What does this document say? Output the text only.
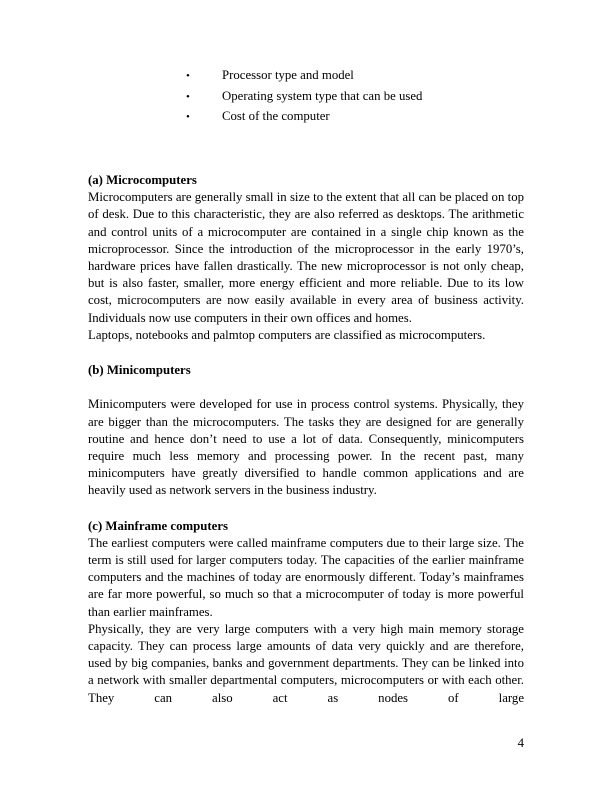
•	Processor type and model
•	Operating system type that can be used
•	Cost of the computer
(a) Microcomputers

Microcomputers are generally small in size to the extent that all can be placed on top of desk. Due to this characteristic, they are also referred as desktops. The arithmetic and control units of a microcomputer are contained in a single chip known as the microprocessor. Since the introduction of the microprocessor in the early 1970’s, hardware prices have fallen drastically. The new microprocessor is not only cheap, but is also faster, smaller, more energy efficient and more reliable. Due to its low cost, microcomputers are now easily available in every area of business activity. Individuals now use computers in their own offices and homes.

Laptops, notebooks and palmtop computers are classified as microcomputers.

(b) Minicomputers

Minicomputers were developed for use in process control systems. Physically, they are bigger than the microcomputers. The tasks they are designed for are generally routine and hence don’t need to use a lot of data. Consequently, minicomputers require much less memory and processing power. In the recent past, many minicomputers have greatly diversified to handle common applications and are heavily used as network servers in the business industry.

(c) Mainframe computers

The earliest computers were called mainframe computers due to their large size. The term is still used for larger computers today. The capacities of the earlier mainframe computers and the machines of today are enormously different. Today’s mainframes are far more powerful, so much so that a microcomputer of today is more powerful than earlier mainframes.

Physically, they are very large computers with a very high main memory storage capacity. They can process large amounts of data very quickly and are therefore, used by big companies, banks and government departments. They can be linked into a network with smaller departmental computers, microcomputers or with each other. They can also act as nodes of large

4
